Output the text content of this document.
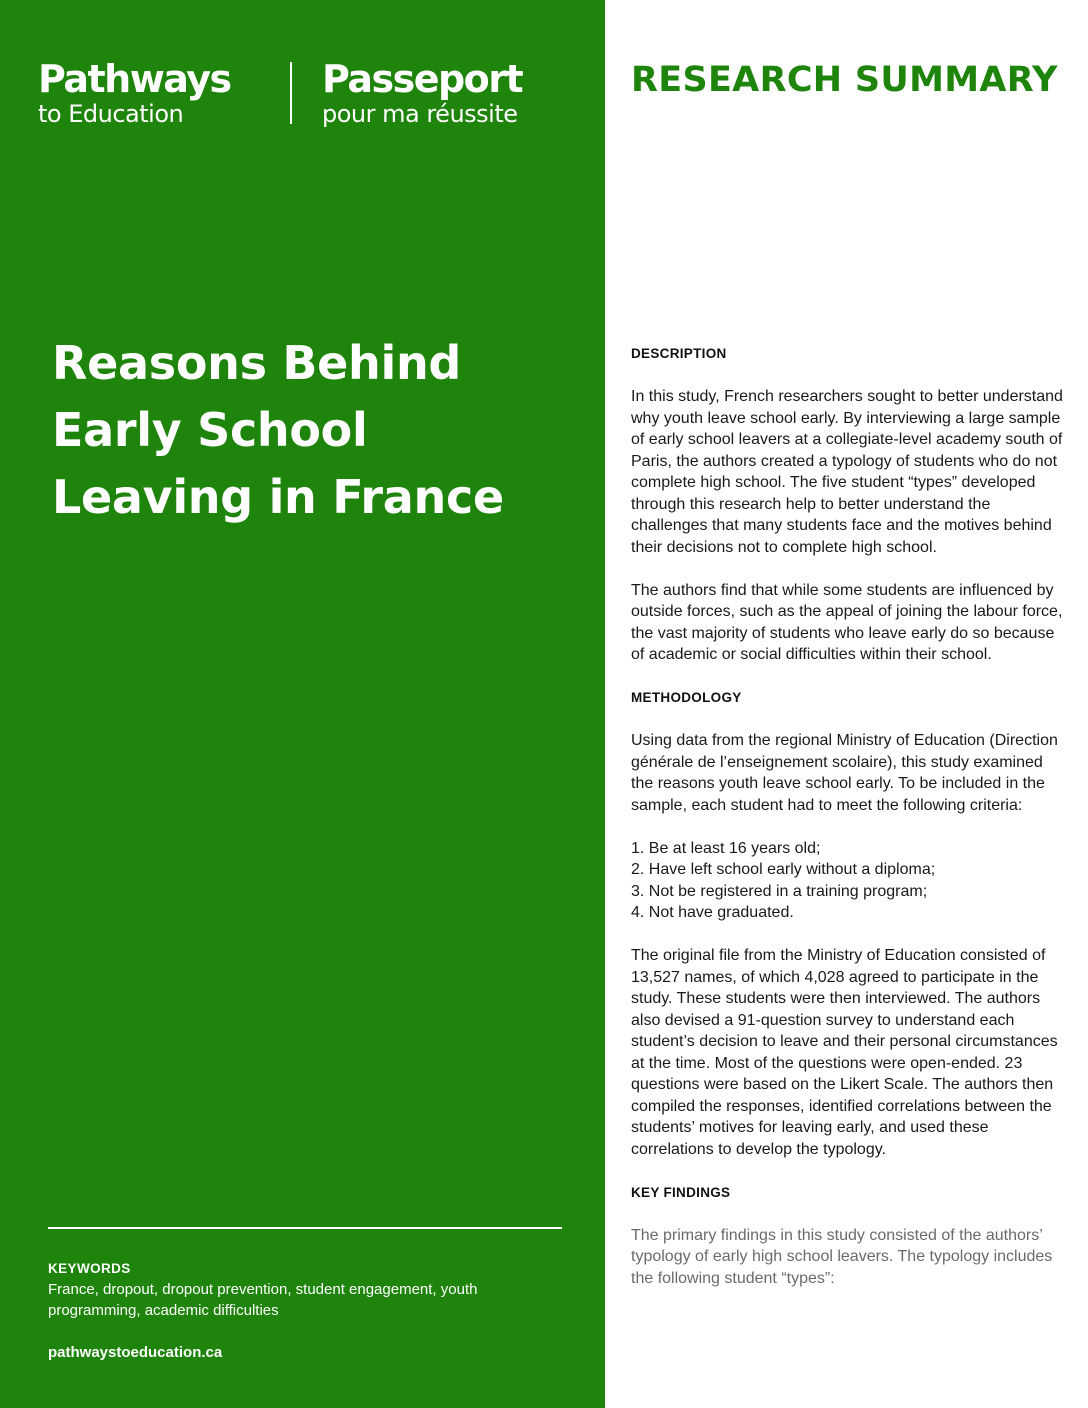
Pathways
to Education
Passeport
pour ma réussite
Reasons Behind
Early School
Leaving in France
KEYWORDS
France, dropout, dropout prevention, student engagement, youth programming, academic difficulties
pathwaystoeducation.ca
RESEARCH SUMMARY
DESCRIPTION

In this study, French researchers sought to better understand why youth leave school early. By interviewing a large sample of early school leavers at a collegiate-level academy south of Paris, the authors created a typology of students who do not complete high school. The five student “types” developed through this research help to better understand the challenges that many students face and the motives behind their decisions not to complete high school.

The authors find that while some students are influenced by outside forces, such as the appeal of joining the labour force, the vast majority of students who leave early do so because of academic or social difficulties within their school.

METHODOLOGY

Using data from the regional Ministry of Education (Direction générale de l’enseignement scolaire), this study examined the reasons youth leave school early. To be included in the sample, each student had to meet the following criteria:

1. Be at least 16 years old;
2. Have left school early without a diploma;
3. Not be registered in a training program;
4. Not have graduated.

The original file from the Ministry of Education consisted of 13,527 names, of which 4,028 agreed to participate in the study. These students were then interviewed. The authors also devised a 91-question survey to understand each student’s decision to leave and their personal circumstances at the time. Most of the questions were open-ended. 23 questions were based on the Likert Scale. The authors then compiled the responses, identified correlations between the students’ motives for leaving early, and used these correlations to develop the typology.

KEY FINDINGS

The primary findings in this study consisted of the authors’ typology of early high school leavers. The typology includes the following student “types”:
